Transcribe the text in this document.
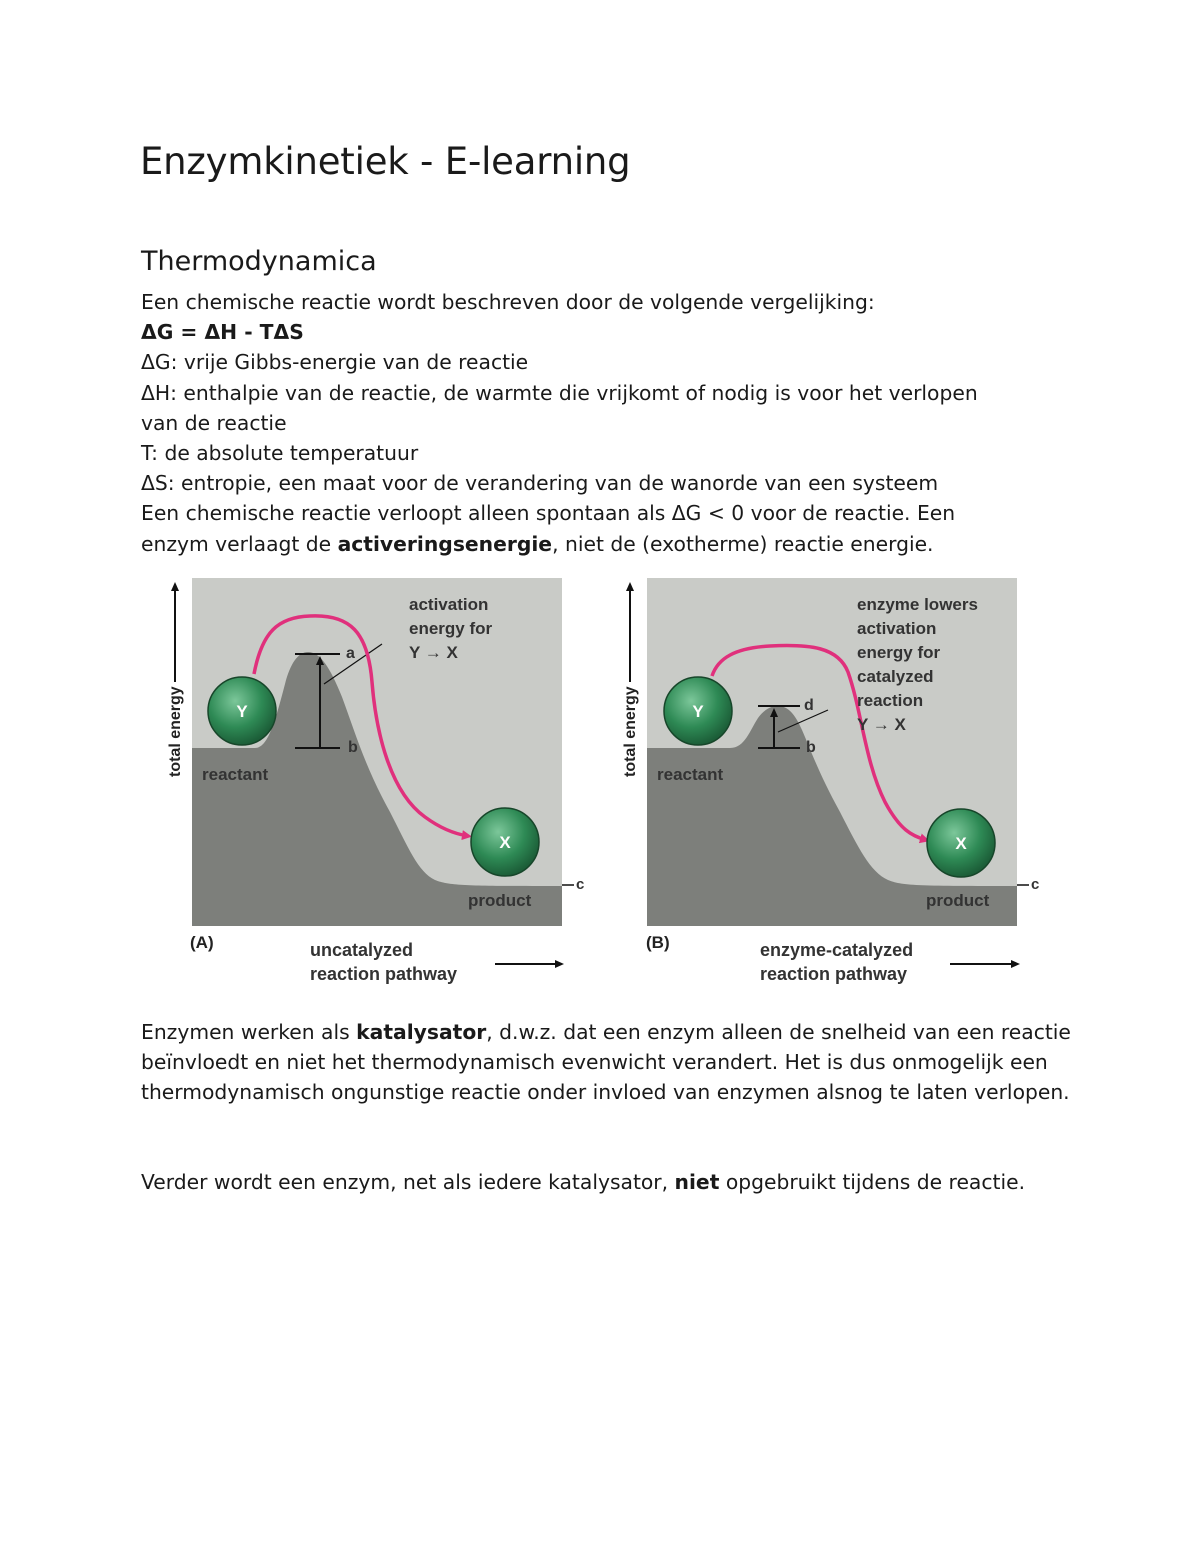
Enzymkinetiek - E-learning
Thermodynamica

Een chemische reactie wordt beschreven door de volgende vergelijking:

ΔG = ΔH - TΔS

ΔG: vrije Gibbs-energie van de reactie

ΔH: enthalpie van de reactie, de warmte die vrijkomt of nodig is voor het verlopen

van de reactie

T: de absolute temperatuur

ΔS: entropie, een maat voor de verandering van de wanorde van een systeem

Een chemische reactie verloopt alleen spontaan als ΔG < 0 voor de reactie. Een

enzym verlaagt de activeringsenergie, niet de (exotherme) reactie energie.

a
b
c
Y
X
reactant
product
activation
energy for
Y → X
total energy
(A)	uncatalyzed
reaction pathway
d
b
c
Y
X
reactant
product
enzyme lowers
activation
energy for
catalyzed
reaction
Y → X
total energy
(B)	enzyme-catalyzed
reaction pathway

Enzymen werken als katalysator, d.w.z. dat een enzym alleen de snelheid van een reactie beïnvloedt en niet het thermodynamisch evenwicht verandert. Het is dus onmogelijk een thermodynamisch ongunstige reactie onder invloed van enzymen alsnog te laten verlopen.

Verder wordt een enzym, net als iedere katalysator, niet opgebruikt tijdens de reactie.
